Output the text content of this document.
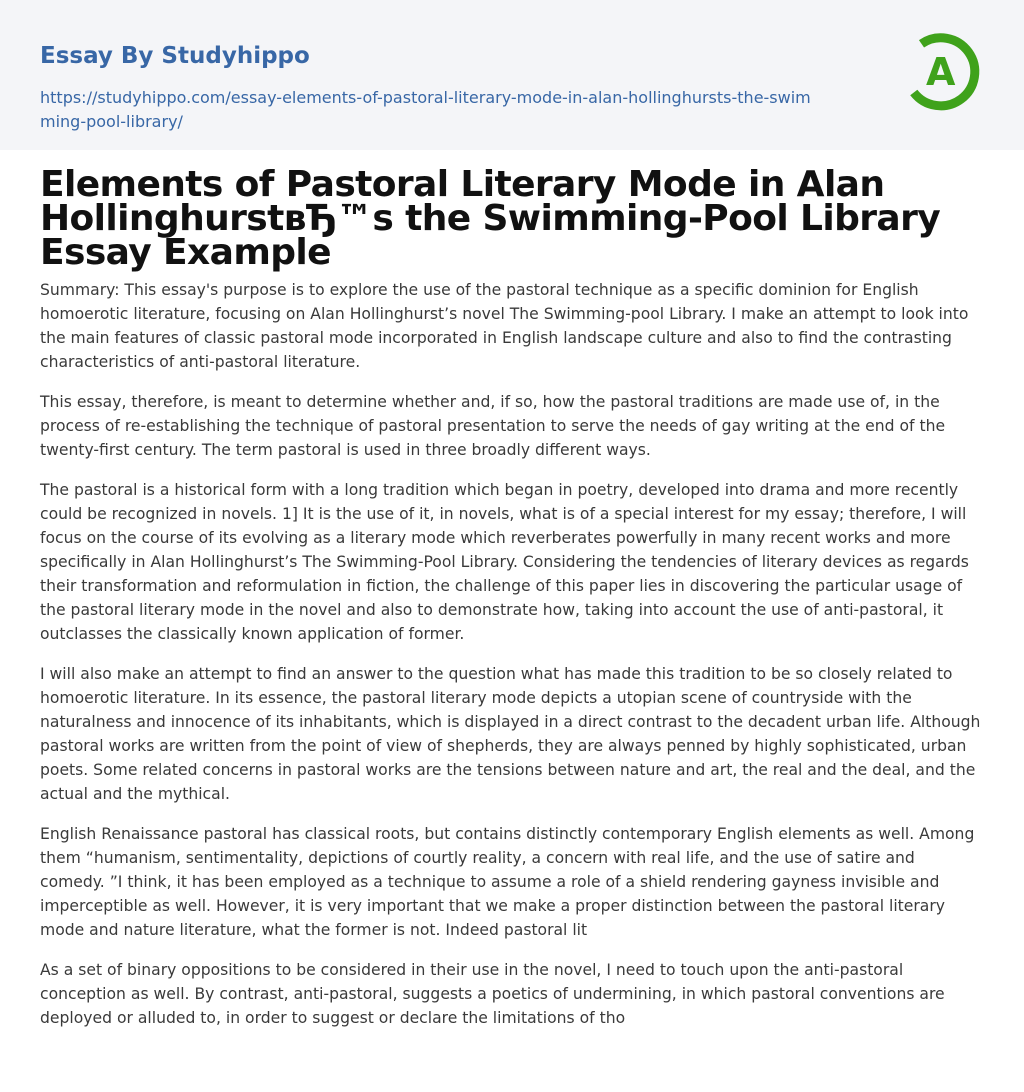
Essay By Studyhippo
https://studyhippo.com/essay-elements-of-pastoral-literary-mode-in-alan-hollinghursts-the-swimming-pool-library/
A
Elements of Pastoral Literary Mode in Alan HollinghurstвЂ™s the Swimming-Pool Library Essay Example

Summary: This essay's purpose is to explore the use of the pastoral technique as a specific dominion for English homoerotic literature, focusing on Alan Hollinghurst’s novel The Swimming-pool Library. I make an attempt to look into the main features of classic pastoral mode incorporated in English landscape culture and also to find the contrasting characteristics of anti-pastoral literature.

This essay, therefore, is meant to determine whether and, if so, how the pastoral traditions are made use of, in the process of re-establishing the technique of pastoral presentation to serve the needs of gay writing at the end of the twenty-first century. The term pastoral is used in three broadly different ways.

The pastoral is a historical form with a long tradition which began in poetry, developed into drama and more recently could be recognized in novels. 1] It is the use of it, in novels, what is of a special interest for my essay; therefore, I will focus on the course of its evolving as a literary mode which reverberates powerfully in many recent works and more specifically in Alan Hollinghurst’s The Swimming-Pool Library. Considering the tendencies of literary devices as regards their transformation and reformulation in fiction, the challenge of this paper lies in discovering the particular usage of the pastoral literary mode in the novel and also to demonstrate how, taking into account the use of anti-pastoral, it outclasses the classically known application of former.

I will also make an attempt to find an answer to the question what has made this tradition to be so closely related to homoerotic literature. In its essence, the pastoral literary mode depicts a utopian scene of countryside with the naturalness and innocence of its inhabitants, which is displayed in a direct contrast to the decadent urban life. Although pastoral works are written from the point of view of shepherds, they are always penned by highly sophisticated, urban poets. Some related concerns in pastoral works are the tensions between nature and art, the real and the deal, and the actual and the mythical.

English Renaissance pastoral has classical roots, but contains distinctly contemporary English elements as well. Among them “humanism, sentimentality, depictions of courtly reality, a concern with real life, and the use of satire and comedy. ”I think, it has been employed as a technique to assume a role of a shield rendering gayness invisible and imperceptible as well. However, it is very important that we make a proper distinction between the pastoral literary mode and nature literature, what the former is not. Indeed pastoral lit

As a set of binary oppositions to be considered in their use in the novel, I need to touch upon the anti-pastoral conception as well. By contrast, anti-pastoral, suggests a poetics of undermining, in which pastoral conventions are deployed or alluded to, in order to suggest or declare the limitations of tho
